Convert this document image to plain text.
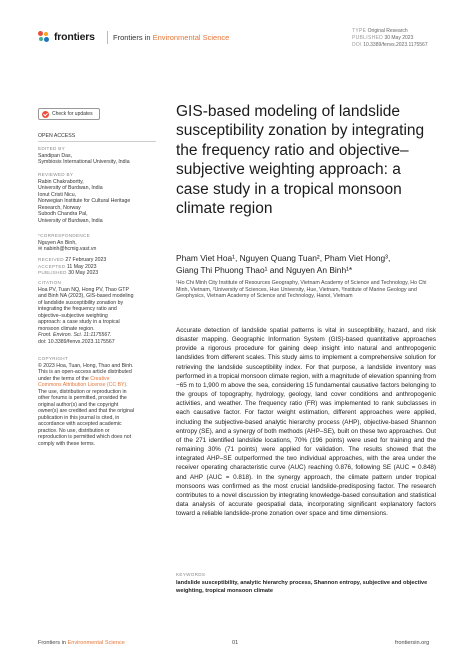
frontiers Frontiers in Environmental Science
TYPE Original Research
PUBLISHED 30 May 2023
DOI 10.3389/fenvs.2023.1175567
Check for updates
OPEN ACCESS
EDITED BY
Sandipan Das,
Symbiosis International University, India
REVIEWED BY
Rabin Chakrabortty,
University of Burdwan, India
Ionut Cristi Nicu,
Norwegian Institute for Cultural Heritage
Research, Norway
Subodh Chandra Pal,
University of Burdwan, India
*CORRESPONDENCE
Nguyen An Binh,
✉ nabinh@hcmig.vast.vn
RECEIVED 27 February 2023
ACCEPTED 11 May 2023
PUBLISHED 30 May 2023
CITATION
Hoa PV, Tuan NQ, Hong PV, Thao GTP
and Binh NA (2023), GIS-based modeling
of landslide susceptibility zonation by
integrating the frequency ratio and
objective–subjective weighting
approach: a case study in a tropical
monsoon climate region.
Front. Environ. Sci. 11:1175567.
doi: 10.3389/fenvs.2023.1175567
COPYRIGHT
© 2023 Hoa, Tuan, Hong, Thao and Binh.
This is an open-access article distributed
under the terms of the Creative
Commons Attribution License (CC BY).
The use, distribution or reproduction in
other forums is permitted, provided the
original author(s) and the copyright
owner(s) are credited and that the original
publication in this journal is cited, in
accordance with accepted academic
practice. No use, distribution or
reproduction is permitted which does not
comply with these terms.
GIS-based modeling of landslide susceptibility zonation by integrating the frequency ratio and objective–subjective weighting approach: a case study in a tropical monsoon climate region
Pham Viet Hoa¹, Nguyen Quang Tuan², Pham Viet Hong³,
Giang Thi Phuong Thao¹ and Nguyen An Binh¹*
¹Ho Chi Minh City Institute of Resources Geography, Vietnam Academy of Science and Technology, Ho Chi Minh, Vietnam, ²University of Sciences, Hue University, Hue, Vietnam, ³Institute of Marine Geology and Geophysics, Vietnam Academy of Science and Technology, Hanoi, Vietnam
Accurate detection of landslide spatial patterns is vital in susceptibility, hazard, and risk disaster mapping. Geographic Information System (GIS)-based quantitative approaches provide a rigorous procedure for gaining deep insight into natural and anthropogenic landslides from different scales. This study aims to implement a comprehensive solution for retrieving the landslide susceptibility index. For that purpose, a landslide inventory was performed in a tropical monsoon climate region, with a magnitude of elevation spanning from −65 m to 1,900 m above the sea, considering 15 fundamental causative factors belonging to the groups of topography, hydrology, geology, land cover conditions and anthropogenic activities, and weather. The frequency ratio (FR) was implemented to rank subclasses in each causative factor. For factor weight estimation, different approaches were applied, including the subjective-based analytic hierarchy process (AHP), objective-based Shannon entropy (SE), and a synergy of both methods (AHP–SE), built on these two approaches. Out of the 271 identified landslide locations, 70% (196 points) were used for training and the remaining 30% (71 points) were applied for validation. The results showed that the integrated AHP–SE outperformed the two individual approaches, with the area under the receiver operating characteristic curve (AUC) reaching 0.876, following SE (AUC = 0.848) and AHP (AUC = 0.818). In the synergy approach, the climate pattern under tropical monsoons was confirmed as the most crucial landslide-predisposing factor. The research contributes to a novel discussion by integrating knowledge-based consultation and statistical data analysis of accurate geospatial data, incorporating significant explanatory factors toward a reliable landslide-prone zonation over space and time dimensions.
KEYWORDS
landslide susceptibility, analytic hierarchy process, Shannon entropy, subjective and objective weighting, tropical monsoon climate
Frontiers in Environmental Science	01	frontiersin.org
